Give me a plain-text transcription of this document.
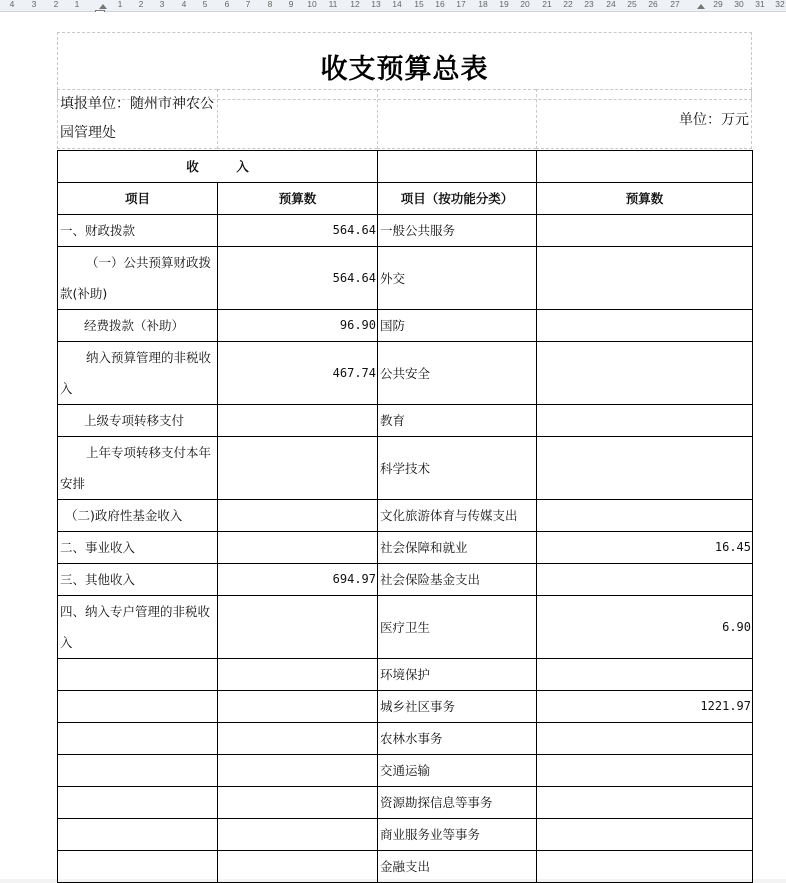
4 3 2 1	1 2 3 4 5 6 7 8 9 10 11 12 13 14 15 16 17 18 19 20 21 22 23 24 25 26 27	29 30 31 32
收支预算总表
填报单位：随州市神农公园管理处
单位：万元
收　　　入			
项目	预算数	项目（按功能分类）	预算数
一、财政拨款	564.64	一般公共服务	
（一）公共预算财政拨款(补助)	564.64	外交	
经费拨款（补助）	96.90	国防	
纳入预算管理的非税收入	467.74	公共安全	
上级专项转移支付		教育	
上年专项转移支付本年安排		科学技术	
（二)政府性基金收入		文化旅游体育与传媒支出	
二、事业收入		社会保障和就业	16.45
三、其他收入	694.97	社会保险基金支出	
四、纳入专户管理的非税收入		医疗卫生	6.90
		环境保护	
		城乡社区事务	1221.97
		农林水事务	
		交通运输	
		资源勘探信息等事务	
		商业服务业等事务	
		金融支出	
